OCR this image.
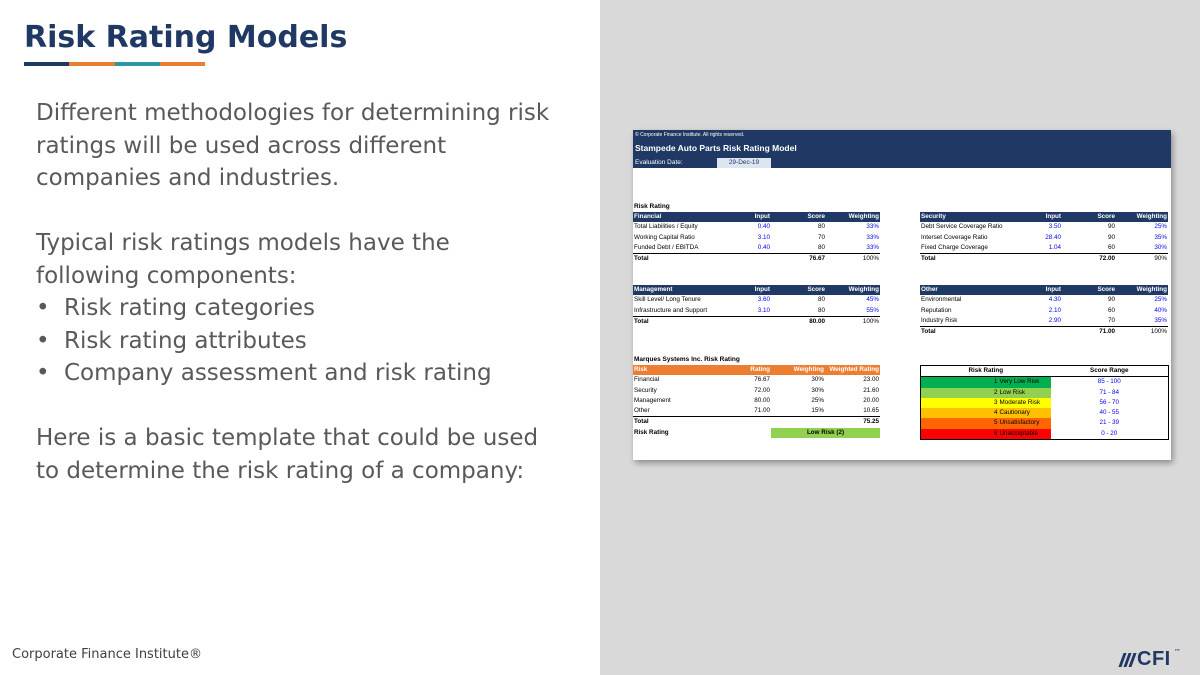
Risk Rating Models

Different methodologies for determining risk ratings will be used across different companies and industries.

Typical risk ratings models have the following components:

• Risk rating categories
• Risk rating attributes
• Company assessment and risk rating

Here is a basic template that could be used to determine the risk rating of a company:

Corporate Finance Institute®	CFI ™
© Corporate Finance Institute. All rights reserved.
Stampede Auto Parts Risk Rating Model
Evaluation Date:	29-Dec-19
Risk Rating
Financial	Input	Score	Weighting
Total Liabilities / Equity	0.40	80	33%
Working Capital Ratio	3.10	70	33%
Funded Debt / EBITDA	0.40	80	33%
Total		76.67	100%
Security	Input	Score	Weighting
Debt Service Coverage Ratio	3.50	90	25%
Interset Coverage Ratio	28.40	90	35%
Fixed Charge Coverage	1.04	60	30%
Total		72.00	90%
Management	Input	Score	Weighting
Skill Level/ Long Tenure	3.60	80	45%
Infrastructure and Support	3.10	80	55%
Total		80.00	100%
Other	Input	Score	Weighting
Environmental	4.30	90	25%
Reputation	2.10	60	40%
Industry Risk	2.90	70	35%
Total		71.00	100%
Marques Systems Inc. Risk Rating
Risk	Rating	Weighting	Weighted Rating
Financial	76.67	30%	23.00
Security	72.00	30%	21.60
Management	80.00	25%	20.00
Other	71.00	15%	10.65
Total			75.25
Risk Rating		Low Risk (2)	
Risk Rating		Score Range
1	Very Low Risk	85 - 100
2	Low Risk	71 - 84
3	Moderate Risk	56 - 70
4	Cautionary	40 - 55
5	Unsatisfactory	21 - 39
6	Unacceptable	0 - 20
